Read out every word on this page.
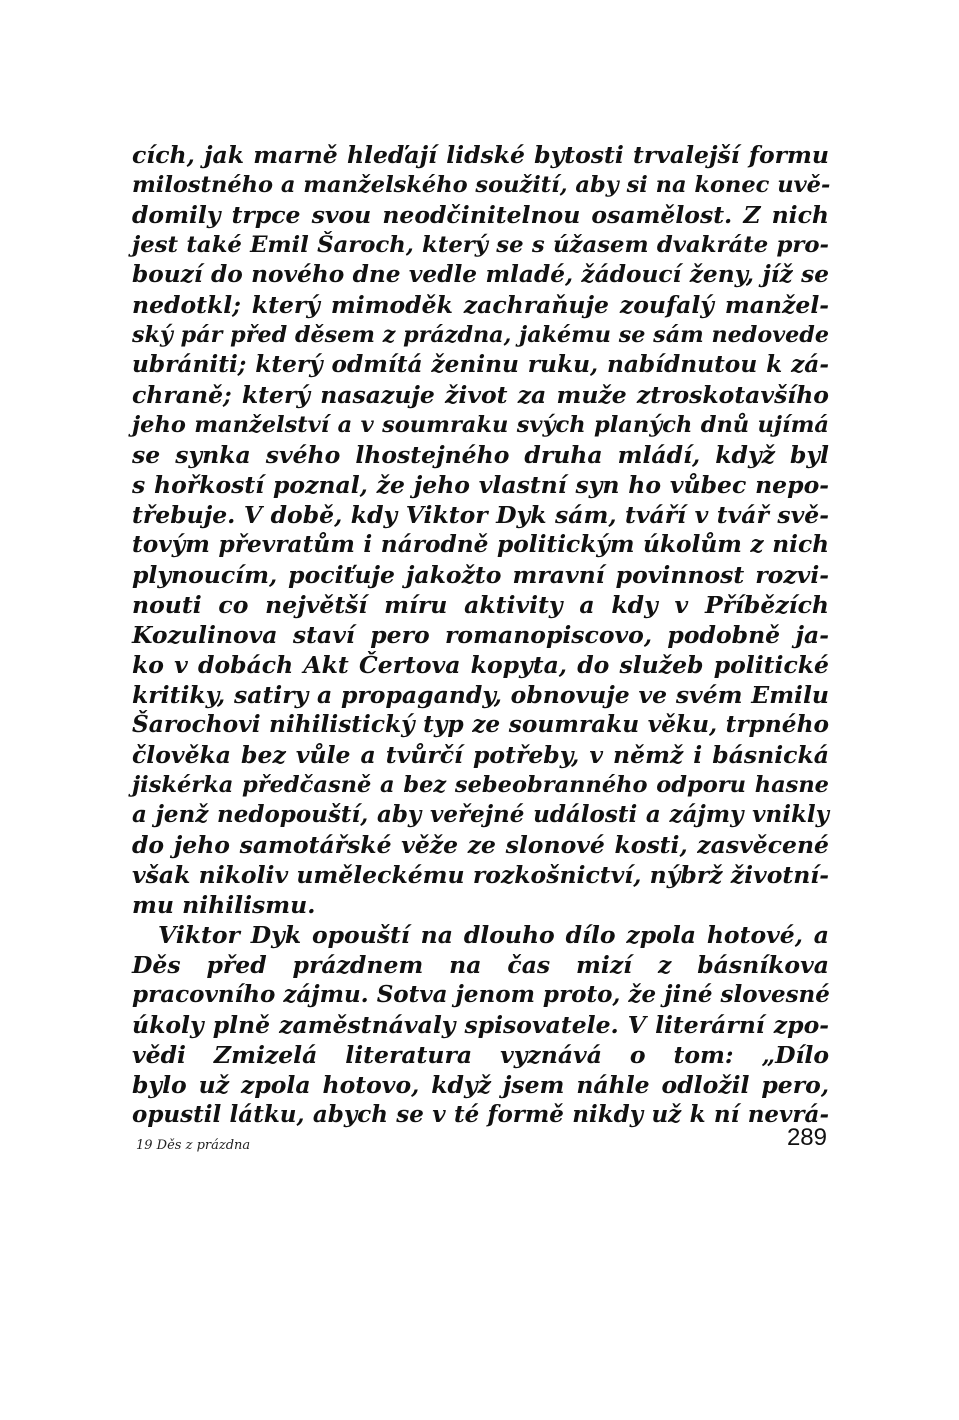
cích, jak marně hleďají lidské bytosti trvalejší formu
milostného a manželského soužití, aby si na konec uvě-
domily trpce svou neodčinitelnou osamělost. Z nich
jest také Emil Šaroch, který se s úžasem dvakráte pro-
bouzí do nového dne vedle mladé, žádoucí ženy, jíž se
nedotkl; který mimoděk zachraňuje zoufalý manžel-
ský pár před děsem z prázdna, jakému se sám nedovede
ubrániti; který odmítá ženinu ruku, nabídnutou k zá-
chraně; který nasazuje život za muže ztroskotavšího
jeho manželství a v soumraku svých planých dnů ujímá
se synka svého lhostejného druha mládí, když byl
s hořkostí poznal, že jeho vlastní syn ho vůbec nepo-
třebuje. V době, kdy Viktor Dyk sám, tváří v tvář svě-
tovým převratům i národně politickým úkolům z nich
plynoucím, pociťuje jakožto mravní povinnost rozvi-
nouti co největší míru aktivity a kdy v Příbězích
Kozulinova staví pero romanopiscovo, podobně ja-
ko v dobách Akt Čertova kopyta, do služeb politické
kritiky, satiry a propagandy, obnovuje ve svém Emilu
Šarochovi nihilistický typ ze soumraku věku, trpného
člověka bez vůle a tvůrčí potřeby, v němž i básnická
jiskérka předčasně a bez sebeobranného odporu hasne
a jenž nedopouští, aby veřejné události a zájmy vnikly
do jeho samotářské věže ze slonové kosti, zasvěcené
však nikoliv uměleckému rozkošnictví, nýbrž životní-
mu nihilismu.
Viktor Dyk opouští na dlouho dílo zpola hotové, a
Děs před prázdnem na čas mizí z básníkova
pracovního zájmu. Sotva jenom proto, že jiné slovesné
úkoly plně zaměstnávaly spisovatele. V literární zpo-
vědi Zmizelá literatura vyznává o tom: „Dílo
bylo už zpola hotovo, když jsem náhle odložil pero,
opustil látku, abych se v té formě nikdy už k ní nevrá-
19 Děs z prázdna	289
